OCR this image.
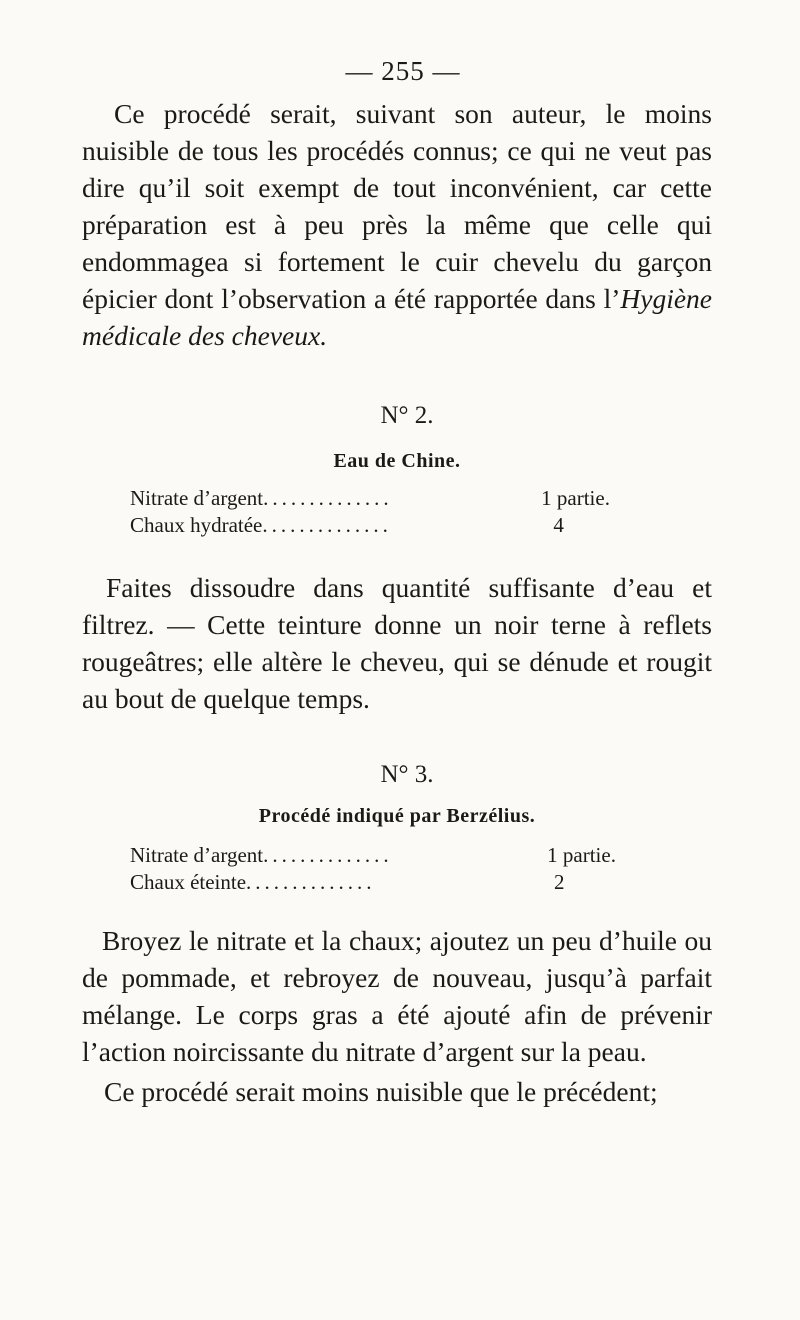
— 255 —

Ce procédé serait, suivant son auteur, le moins nuisible de tous les procédés connus; ce qui ne veut pas dire qu’il soit exempt de tout inconvénient, car cette préparation est à peu près la même que celle qui endommagea si fortement le cuir chevelu du garçon épicier dont l’observation a été rapportée dans l’Hygiène médicale des cheveux.

N° 2.
Eau de Chine.
Nitrate d’argent ..............	1 partie.
Chaux hydratée ..............	4

Faites dissoudre dans quantité suffisante d’eau et filtrez. — Cette teinture donne un noir terne à reflets rougeâtres; elle altère le cheveu, qui se dénude et rougit au bout de quelque temps.

N° 3.
Procédé indiqué par Berzélius.
Nitrate d’argent ..............	1 partie.
Chaux éteinte ..............	2

Broyez le nitrate et la chaux; ajoutez un peu d’huile ou de pommade, et rebroyez de nouveau, jusqu’à parfait mélange. Le corps gras a été ajouté afin de prévenir l’action noircissante du nitrate d’argent sur la peau.

Ce procédé serait moins nuisible que le précédent;
